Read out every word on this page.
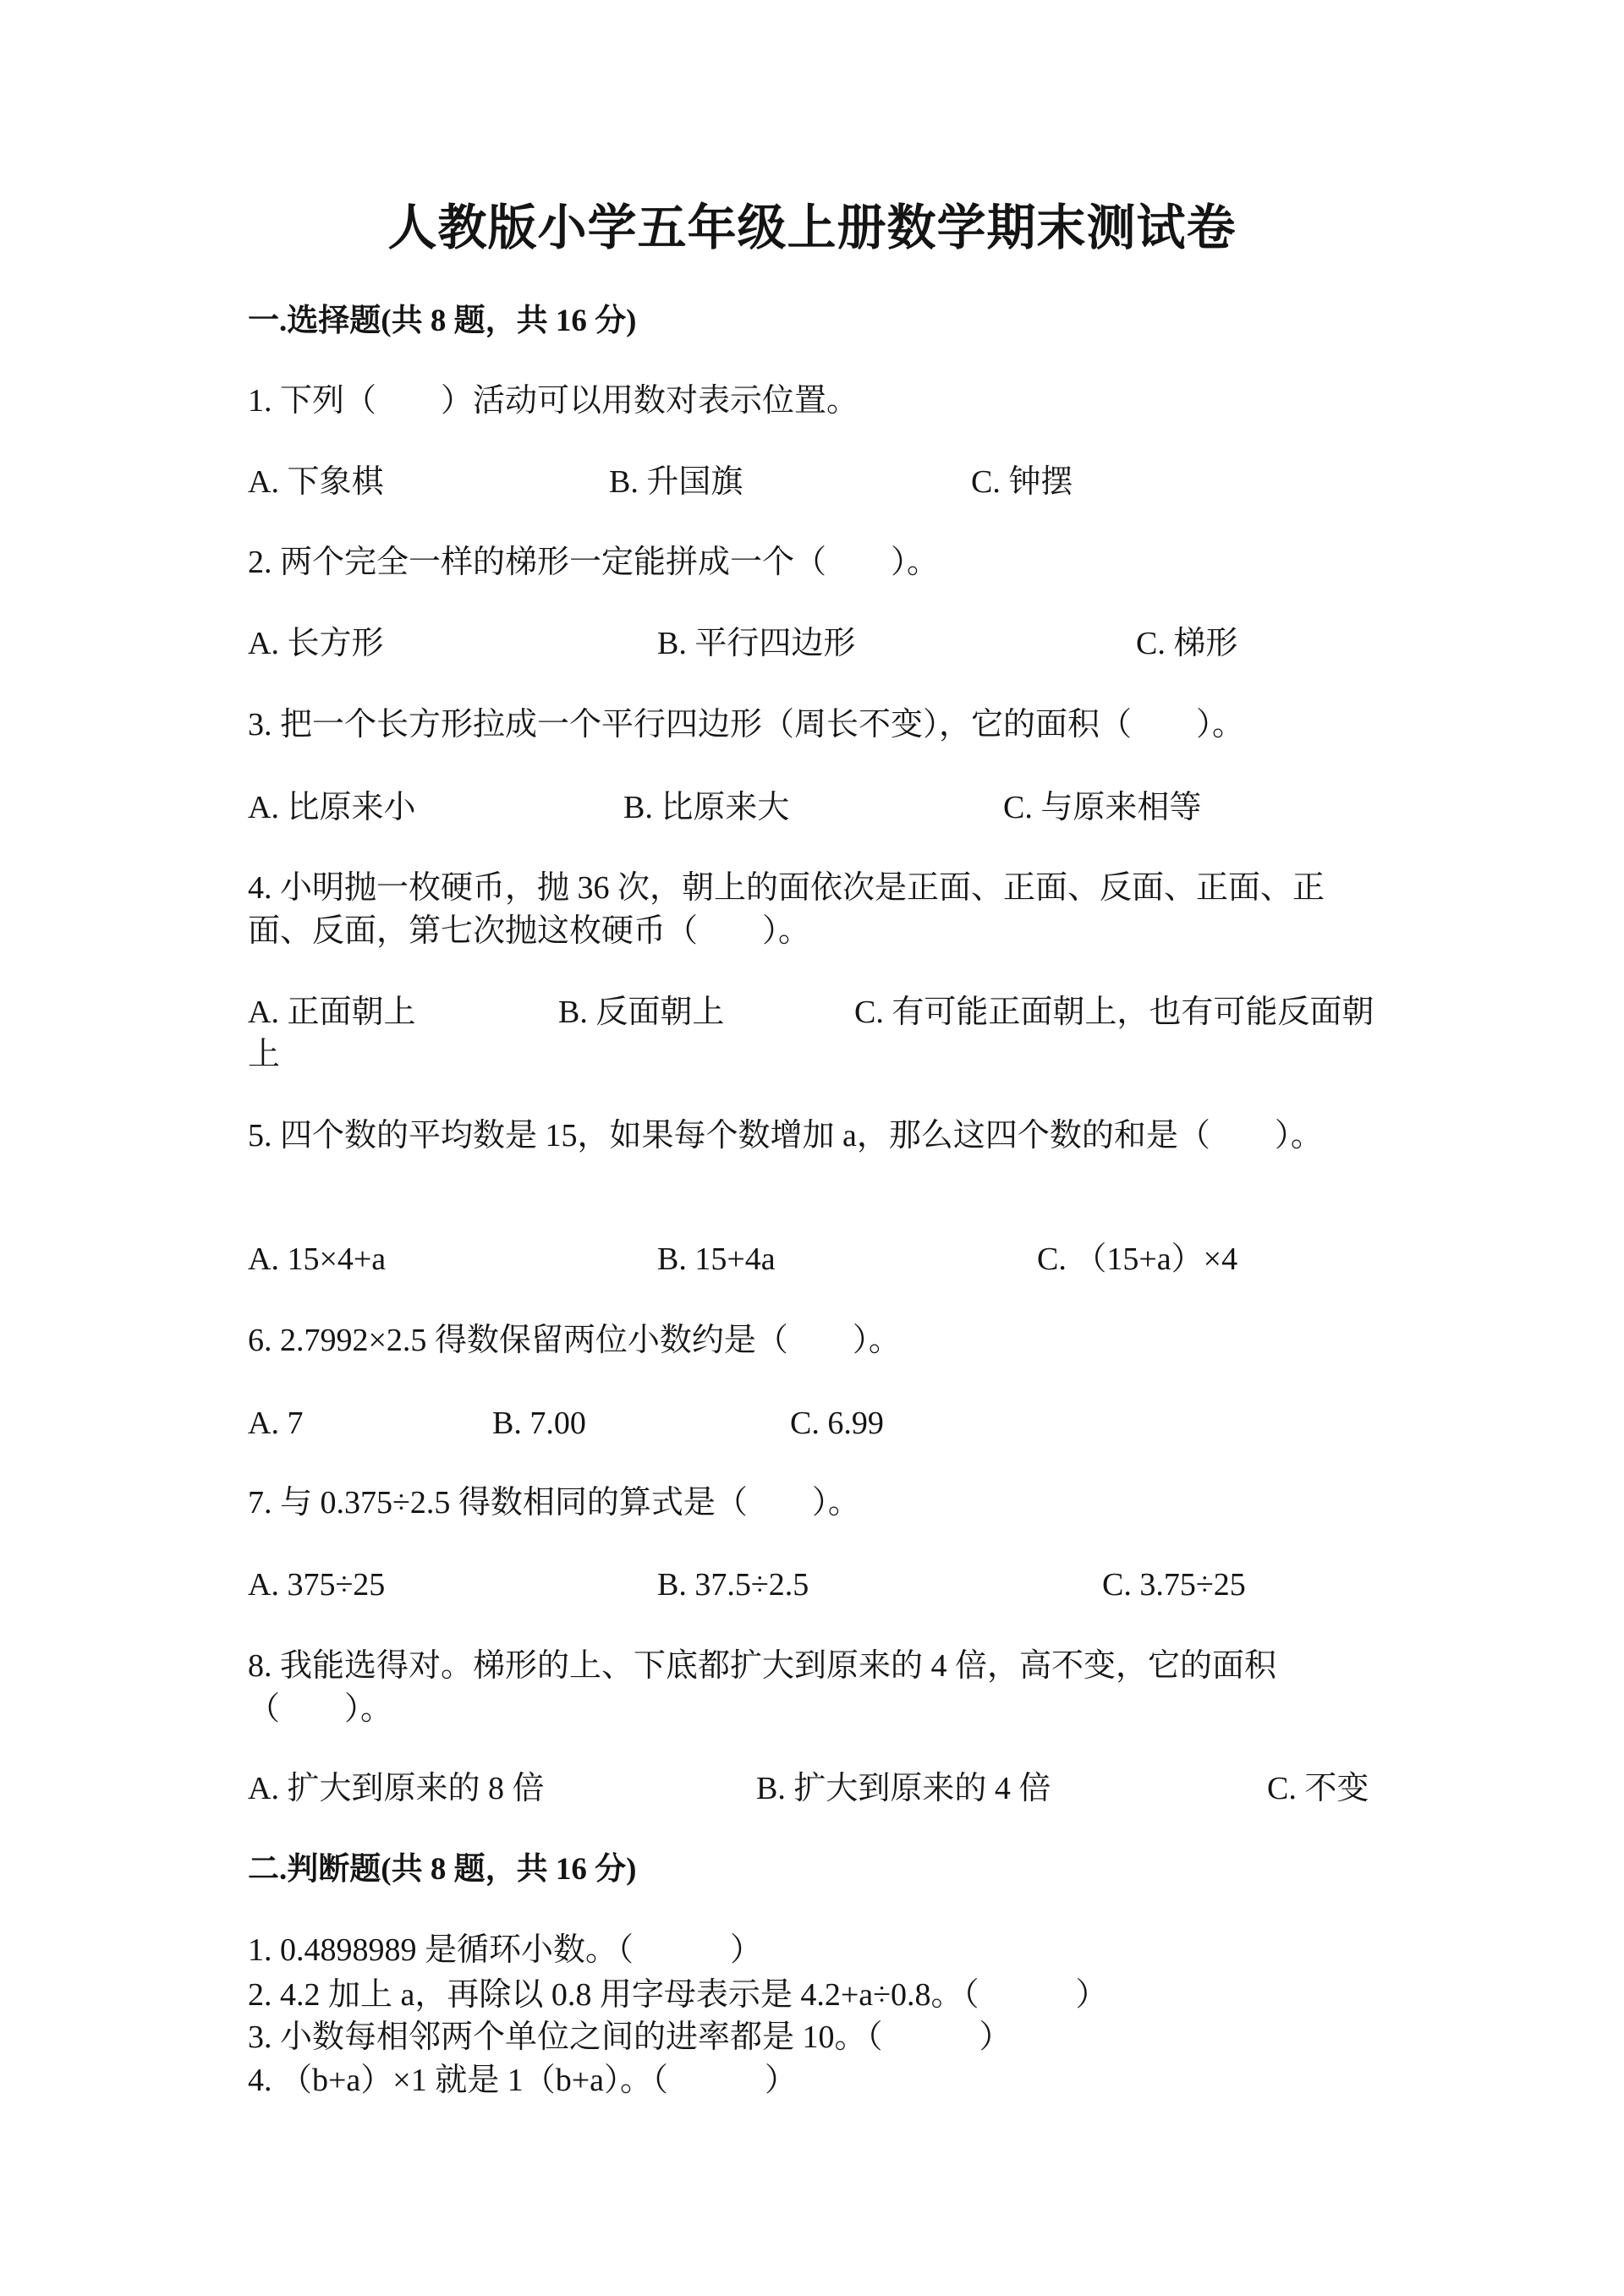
人教版小学五年级上册数学期末测试卷
一.选择题(共 8 题，共 16 分)
1. 下列（　　）活动可以用数对表示位置。
A. 下象棋	B. 升国旗	C. 钟摆
2. 两个完全一样的梯形一定能拼成一个（　　）。
A. 长方形	B. 平行四边形	C. 梯形
3. 把一个长方形拉成一个平行四边形（周长不变），它的面积（　　）。
A. 比原来小	B. 比原来大	C. 与原来相等
4. 小明抛一枚硬币，抛 36 次，朝上的面依次是正面、正面、反面、正面、正
面、反面，第七次抛这枚硬币（　　）。
A. 正面朝上	B. 反面朝上	C. 有可能正面朝上，也有可能反面朝
上
5. 四个数的平均数是 15，如果每个数增加 a，那么这四个数的和是（　　）。
A. 15×4+a	B. 15+4a	C. （15+a）×4
6. 2.7992×2.5 得数保留两位小数约是（　　）。
A. 7	B. 7.00	C. 6.99
7. 与 0.375÷2.5 得数相同的算式是（　　）。
A. 375÷25	B. 37.5÷2.5	C. 3.75÷25
8. 我能选得对。梯形的上、下底都扩大到原来的 4 倍，高不变，它的面积
（　　）。
A. 扩大到原来的 8 倍	B. 扩大到原来的 4 倍	C. 不变
二.判断题(共 8 题，共 16 分)
1. 0.4898989 是循环小数。（　　　）
2. 4.2 加上 a，再除以 0.8 用字母表示是 4.2+a÷0.8。（　　　）
3. 小数每相邻两个单位之间的进率都是 10。（　　　）
4. （b+a）×1 就是 1（b+a）。（　　　）
